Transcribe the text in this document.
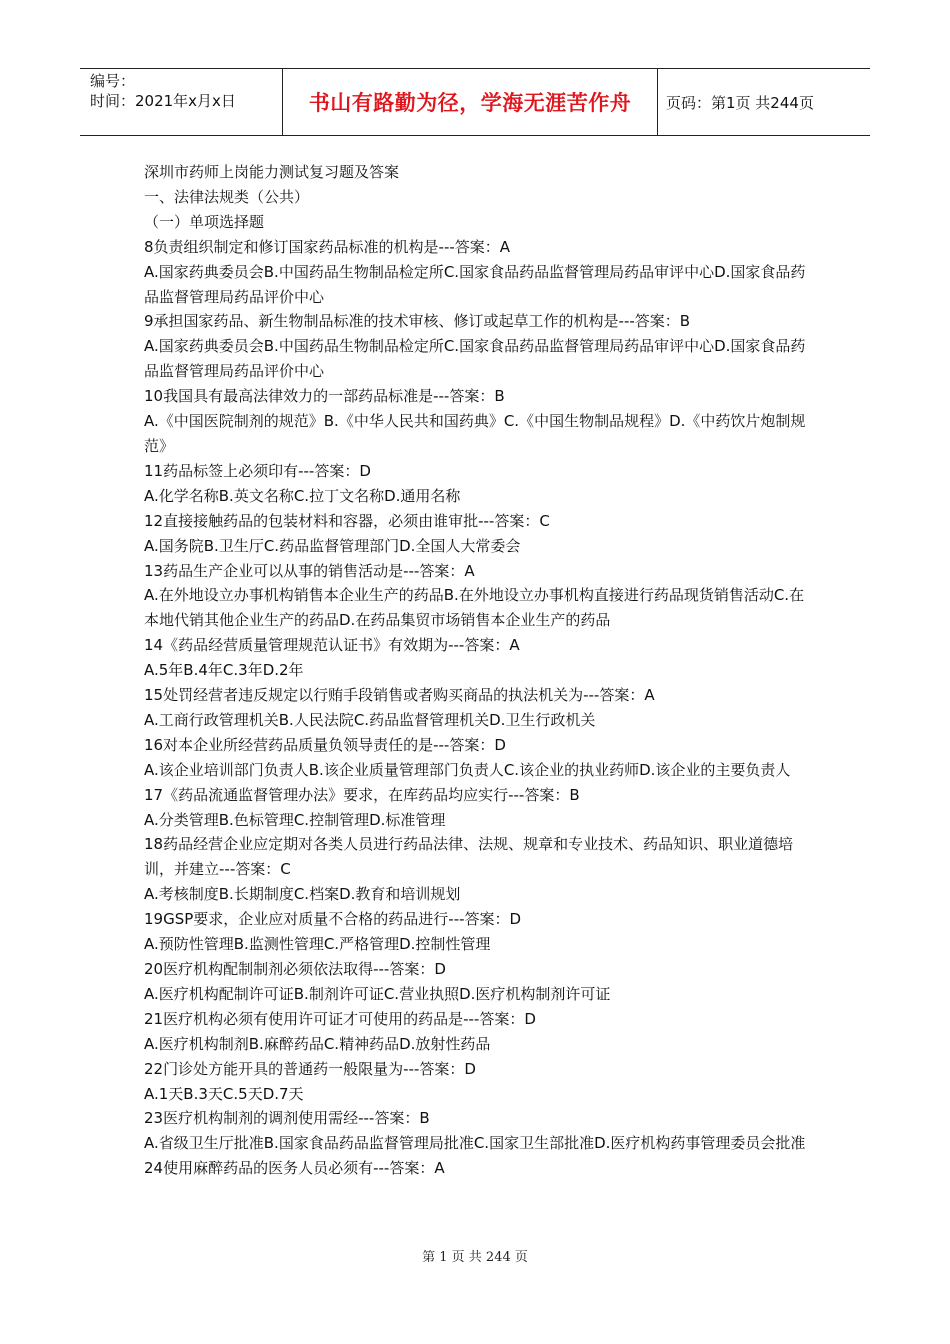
编号：
时间：2021年x月x日	书山有路勤为径，学海无涯苦作舟	页码：第1页 共244页

深圳市药师上岗能力测试复习题及答案

一、法律法规类（公共）

（一）单项选择题

8负责组织制定和修订国家药品标准的机构是---答案：A

A.国家药典委员会B.中国药品生物制品检定所C.国家食品药品监督管理局药品审评中心D.国家食品药品监督管理局药品评价中心

9承担国家药品、新生物制品标准的技术审核、修订或起草工作的机构是---答案：B

A.国家药典委员会B.中国药品生物制品检定所C.国家食品药品监督管理局药品审评中心D.国家食品药品监督管理局药品评价中心

10我国具有最高法律效力的一部药品标准是---答案：B

A.《中国医院制剂的规范》B.《中华人民共和国药典》C.《中国生物制品规程》D.《中药饮片炮制规范》

11药品标签上必须印有---答案：D

A.化学名称B.英文名称C.拉丁文名称D.通用名称

12直接接触药品的包装材料和容器，必须由谁审批---答案：C

A.国务院B.卫生厅C.药品监督管理部门D.全国人大常委会

13药品生产企业可以从事的销售活动是---答案：A

A.在外地设立办事机构销售本企业生产的药品B.在外地设立办事机构直接进行药品现货销售活动C.在本地代销其他企业生产的药品D.在药品集贸市场销售本企业生产的药品

14《药品经营质量管理规范认证书》有效期为---答案：A

A.5年B.4年C.3年D.2年

15处罚经营者违反规定以行贿手段销售或者购买商品的执法机关为---答案：A

A.工商行政管理机关B.人民法院C.药品监督管理机关D.卫生行政机关

16对本企业所经营药品质量负领导责任的是---答案：D

A.该企业培训部门负责人B.该企业质量管理部门负责人C.该企业的执业药师D.该企业的主要负责人

17《药品流通监督管理办法》要求，在库药品均应实行---答案：B

A.分类管理B.色标管理C.控制管理D.标准管理

18药品经营企业应定期对各类人员进行药品法律、法规、规章和专业技术、药品知识、职业道德培训，并建立---答案：C

A.考核制度B.长期制度C.档案D.教育和培训规划

19GSP要求，企业应对质量不合格的药品进行---答案：D

A.预防性管理B.监测性管理C.严格管理D.控制性管理

20医疗机构配制制剂必须依法取得---答案：D

A.医疗机构配制许可证B.制剂许可证C.营业执照D.医疗机构制剂许可证

21医疗机构必须有使用许可证才可使用的药品是---答案：D

A.医疗机构制剂B.麻醉药品C.精神药品D.放射性药品

22门诊处方能开具的普通药一般限量为---答案：D

A.1天B.3天C.5天D.7天

23医疗机构制剂的调剂使用需经---答案：B

A.省级卫生厅批准B.国家食品药品监督管理局批准C.国家卫生部批准D.医疗机构药事管理委员会批准

24使用麻醉药品的医务人员必须有---答案：A

第 1 页 共 244 页
